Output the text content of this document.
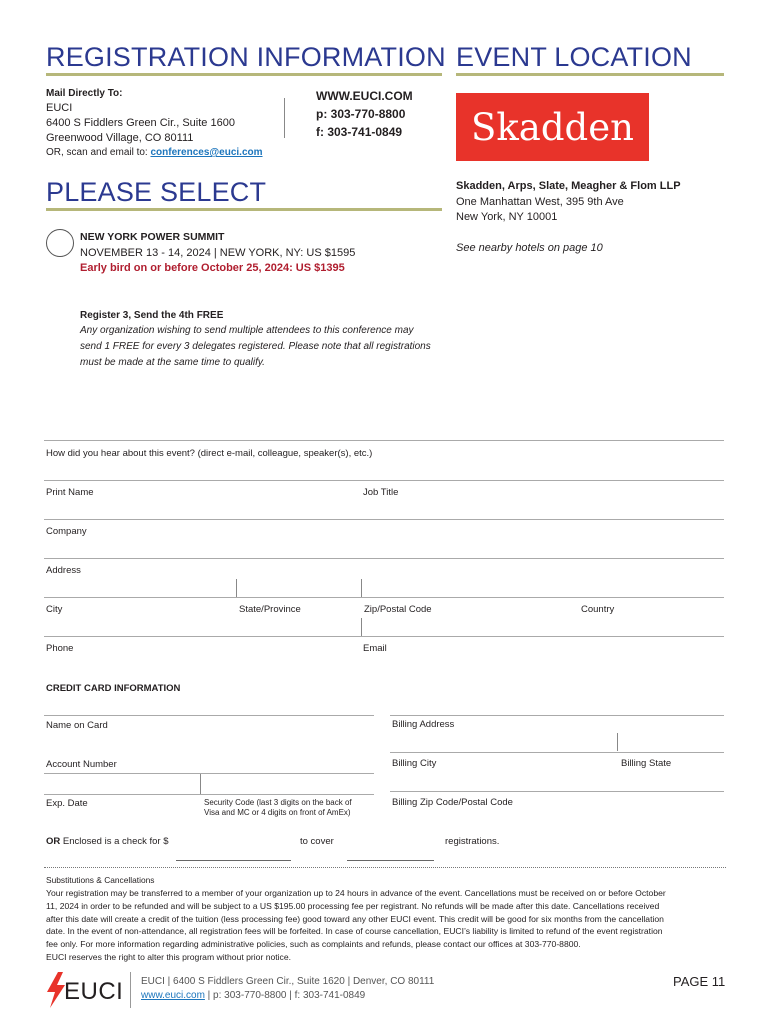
REGISTRATION INFORMATION
Mail Directly To:
EUCI
6400 S Fiddlers Green Cir., Suite 1600
Greenwood Village, CO 80111
OR, scan and email to: conferences@euci.com
WWW.EUCI.COM
p: 303-770-8800
f: 303-741-0849
EVENT LOCATION
Skadden
Skadden, Arps, Slate, Meagher & Flom LLP
One Manhattan West, 395 9th Ave
New York, NY 10001
See nearby hotels on page 10
PLEASE SELECT
NEW YORK POWER SUMMIT
NOVEMBER 13 - 14, 2024 | NEW YORK, NY: US $1595
Early bird on or before October 25, 2024: US $1395
Register 3, Send the 4th FREE
Any organization wishing to send multiple attendees to this conference may
send 1 FREE for every 3 delegates registered. Please note that all registrations
must be made at the same time to qualify.
How did you hear about this event? (direct e-mail, colleague, speaker(s), etc.)
Print Name	Job Title
Company
Address
City	State/Province	Zip/Postal Code	Country
Phone	Email
CREDIT CARD INFORMATION
Name on Card	Billing Address
Account Number	Billing City	Billing State
Exp. Date	Security Code (last 3 digits on the back of
Visa and MC or 4 digits on front of AmEx)
Billing Zip Code/Postal Code
OR Enclosed is a check for $	to cover	registrations.
Substitutions & Cancellations
Your registration may be transferred to a member of your organization up to 24 hours in advance of the event. Cancellations must be received on or before October
11, 2024 in order to be refunded and will be subject to a US $195.00 processing fee per registrant. No refunds will be made after this date. Cancellations received
after this date will create a credit of the tuition (less processing fee) good toward any other EUCI event. This credit will be good for six months from the cancellation
date. In the event of non-attendance, all registration fees will be forfeited. In case of course cancellation, EUCI’s liability is limited to refund of the event registration
fee only. For more information regarding administrative policies, such as complaints and refunds, please contact our offices at 303-770-8800.
EUCI reserves the right to alter this program without prior notice.
EUCI EUCI | 6400 S Fiddlers Green Cir., Suite 1620 | Denver, CO 80111
www.euci.com | p: 303-770-8800 | f: 303-741-0849
PAGE 11
